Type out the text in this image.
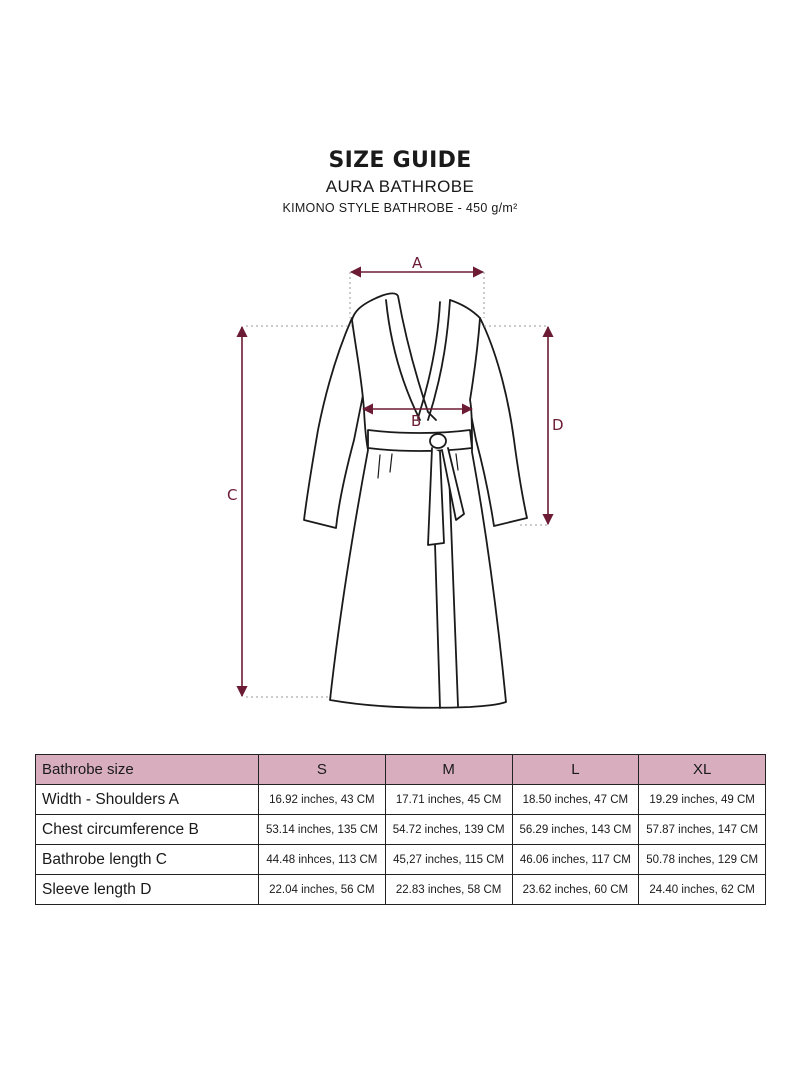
SIZE GUIDE
AURA BATHROBE
KIMONO STYLE BATHROBE - 450 g/m²
A
B
C
D
Bathrobe size	S	M	L	XL
Width - Shoulders A	16.92 inches, 43 CM	17.71 inches, 45 CM	18.50 inches, 47 CM	19.29 inches, 49 CM
Chest circumference B	53.14 inches, 135 CM	54.72 inches, 139 CM	56.29 inches, 143 CM	57.87 inches, 147 CM
Bathrobe length C	44.48 inhces, 113 CM	45,27 inches, 115 CM	46.06 inches, 117 CM	50.78 inches, 129 CM
Sleeve length D	22.04 inches, 56 CM	22.83 inches, 58 CM	23.62 inches, 60 CM	24.40 inches, 62 CM
